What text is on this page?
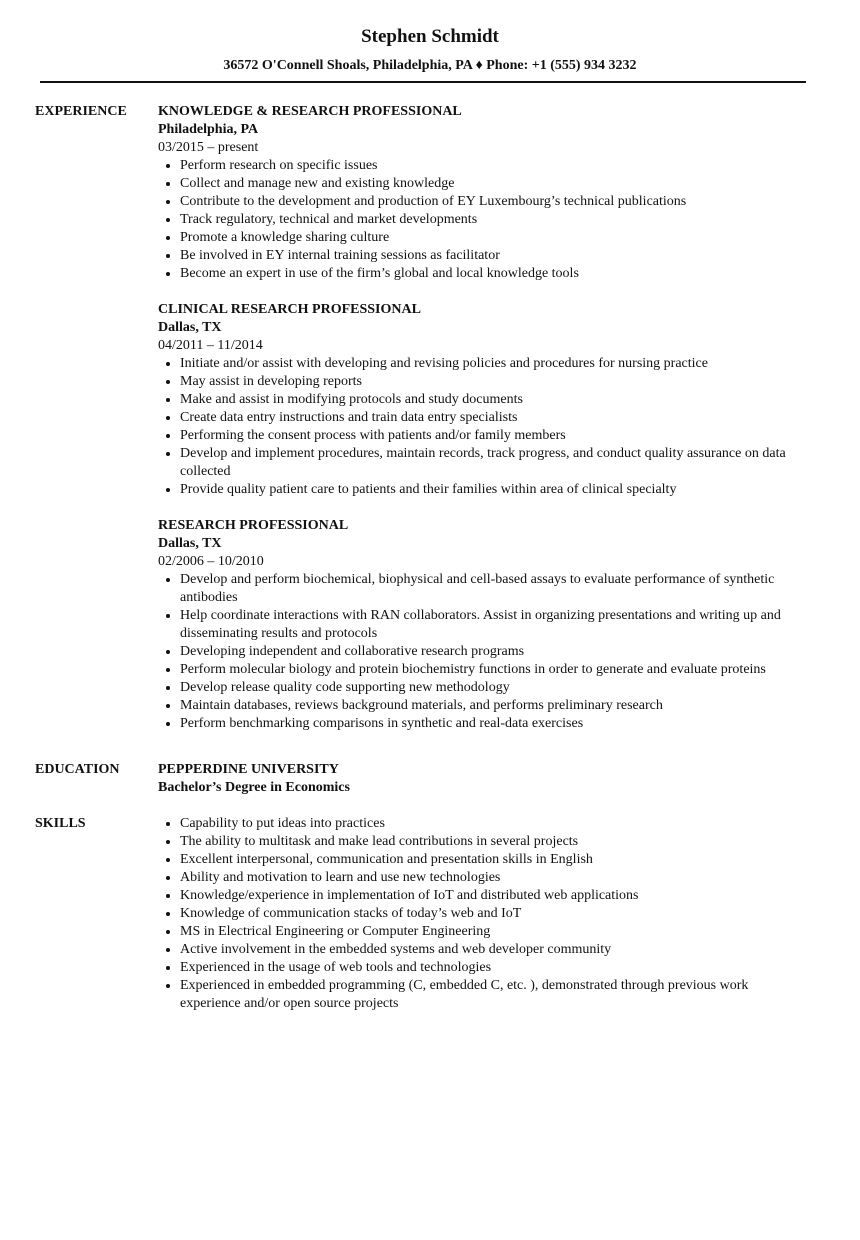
Stephen Schmidt
36572 O'Connell Shoals, Philadelphia, PA ♦ Phone: +1 (555) 934 3232
EXPERIENCE	KNOWLEDGE & RESEARCH PROFESSIONAL
Philadelphia, PA
03/2015 – present
Perform research on specific issues
Collect and manage new and existing knowledge
Contribute to the development and production of EY Luxembourg’s technical publications
Track regulatory, technical and market developments
Promote a knowledge sharing culture
Be involved in EY internal training sessions as facilitator
Become an expert in use of the firm’s global and local knowledge tools
CLINICAL RESEARCH PROFESSIONAL
Dallas, TX
04/2011 – 11/2014
Initiate and/or assist with developing and revising policies and procedures for nursing practice
May assist in developing reports
Make and assist in modifying protocols and study documents
Create data entry instructions and train data entry specialists
Performing the consent process with patients and/or family members
Develop and implement procedures, maintain records, track progress, and conduct quality assurance on data collected
Provide quality patient care to patients and their families within area of clinical specialty
RESEARCH PROFESSIONAL
Dallas, TX
02/2006 – 10/2010
Develop and perform biochemical, biophysical and cell-based assays to evaluate performance of synthetic antibodies
Help coordinate interactions with RAN collaborators. Assist in organizing presentations and writing up and disseminating results and protocols
Developing independent and collaborative research programs
Perform molecular biology and protein biochemistry functions in order to generate and evaluate proteins
Develop release quality code supporting new methodology
Maintain databases, reviews background materials, and performs preliminary research
Perform benchmarking comparisons in synthetic and real-data exercises
EDUCATION	PEPPERDINE UNIVERSITY
Bachelor’s Degree in Economics
SKILLS	Capability to put ideas into practices
The ability to multitask and make lead contributions in several projects
Excellent interpersonal, communication and presentation skills in English
Ability and motivation to learn and use new technologies
Knowledge/experience in implementation of IoT and distributed web applications
Knowledge of communication stacks of today’s web and IoT
MS in Electrical Engineering or Computer Engineering
Active involvement in the embedded systems and web developer community
Experienced in the usage of web tools and technologies
Experienced in embedded programming (C, embedded C, etc. ), demonstrated through previous work experience and/or open source projects
